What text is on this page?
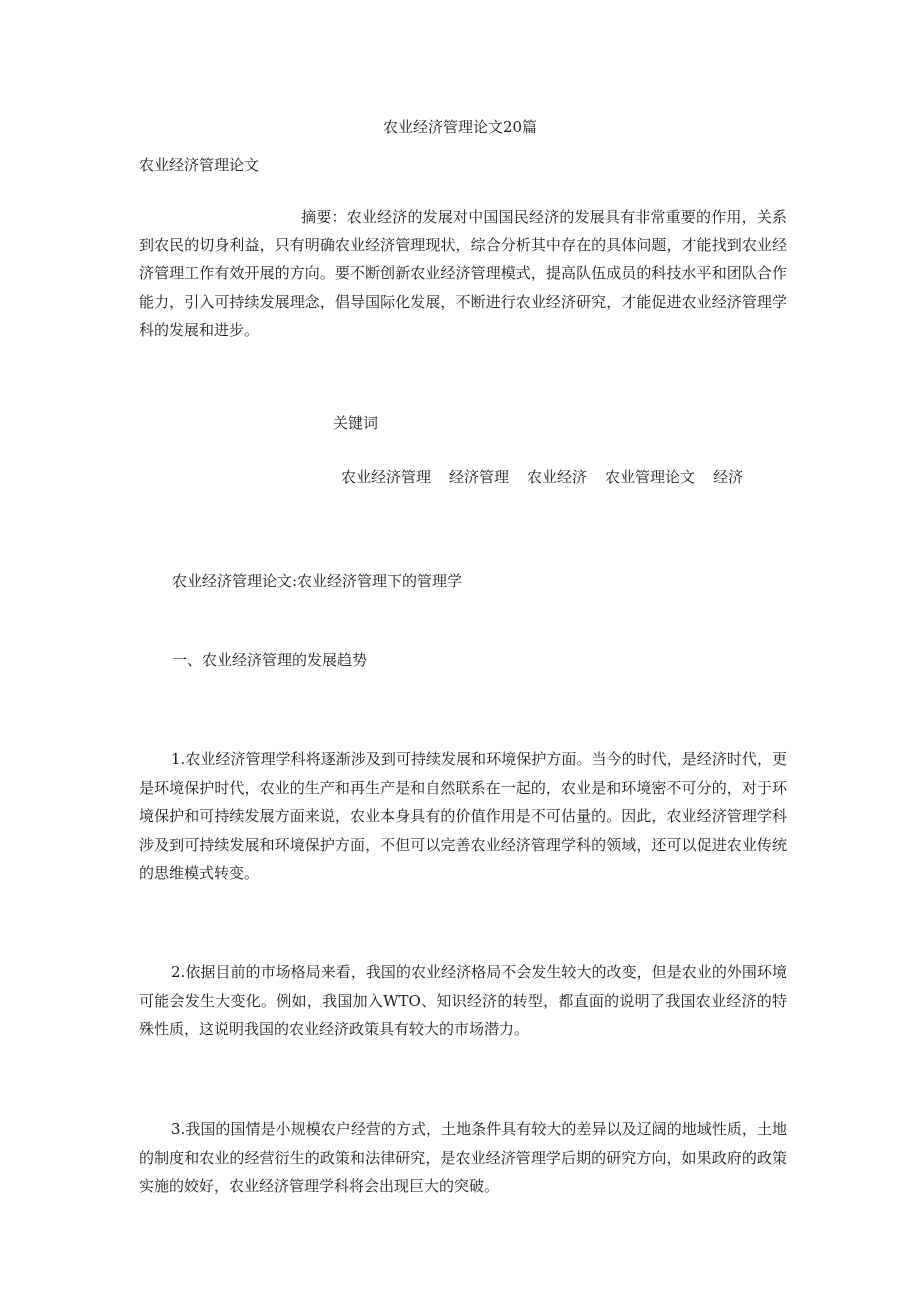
农业经济管理论文20篇
农业经济管理论文
摘要：农业经济的发展对中国国民经济的发展具有非常重要的作用，关系到农民的切身利益，只有明确农业经济管理现状，综合分析其中存在的具体问题，才能找到农业经济管理工作有效开展的方向。要不断创新农业经济管理模式，提高队伍成员的科技水平和团队合作能力，引入可持续发展理念，倡导国际化发展，不断进行农业经济研究，才能促进农业经济管理学科的发展和进步。
关键词
农业经济管理 经济管理 农业经济 农业管理论文 经济
农业经济管理论文:农业经济管理下的管理学
一、农业经济管理的发展趋势
1.农业经济管理学科将逐渐涉及到可持续发展和环境保护方面。当今的时代，是经济时代，更是环境保护时代，农业的生产和再生产是和自然联系在一起的，农业是和环境密不可分的，对于环境保护和可持续发展方面来说，农业本身具有的价值作用是不可估量的。因此，农业经济管理学科涉及到可持续发展和环境保护方面，不但可以完善农业经济管理学科的领域，还可以促进农业传统的思维模式转变。
2.依据目前的市场格局来看，我国的农业经济格局不会发生较大的改变，但是农业的外围环境可能会发生大变化。例如，我国加入WTO、知识经济的转型，都直面的说明了我国农业经济的特殊性质，这说明我国的农业经济政策具有较大的市场潜力。
3.我国的国情是小规模农户经营的方式，土地条件具有较大的差异以及辽阔的地域性质，土地的制度和农业的经营衍生的政策和法律研究，是农业经济管理学后期的研究方向，如果政府的政策实施的姣好，农业经济管理学科将会出现巨大的突破。
